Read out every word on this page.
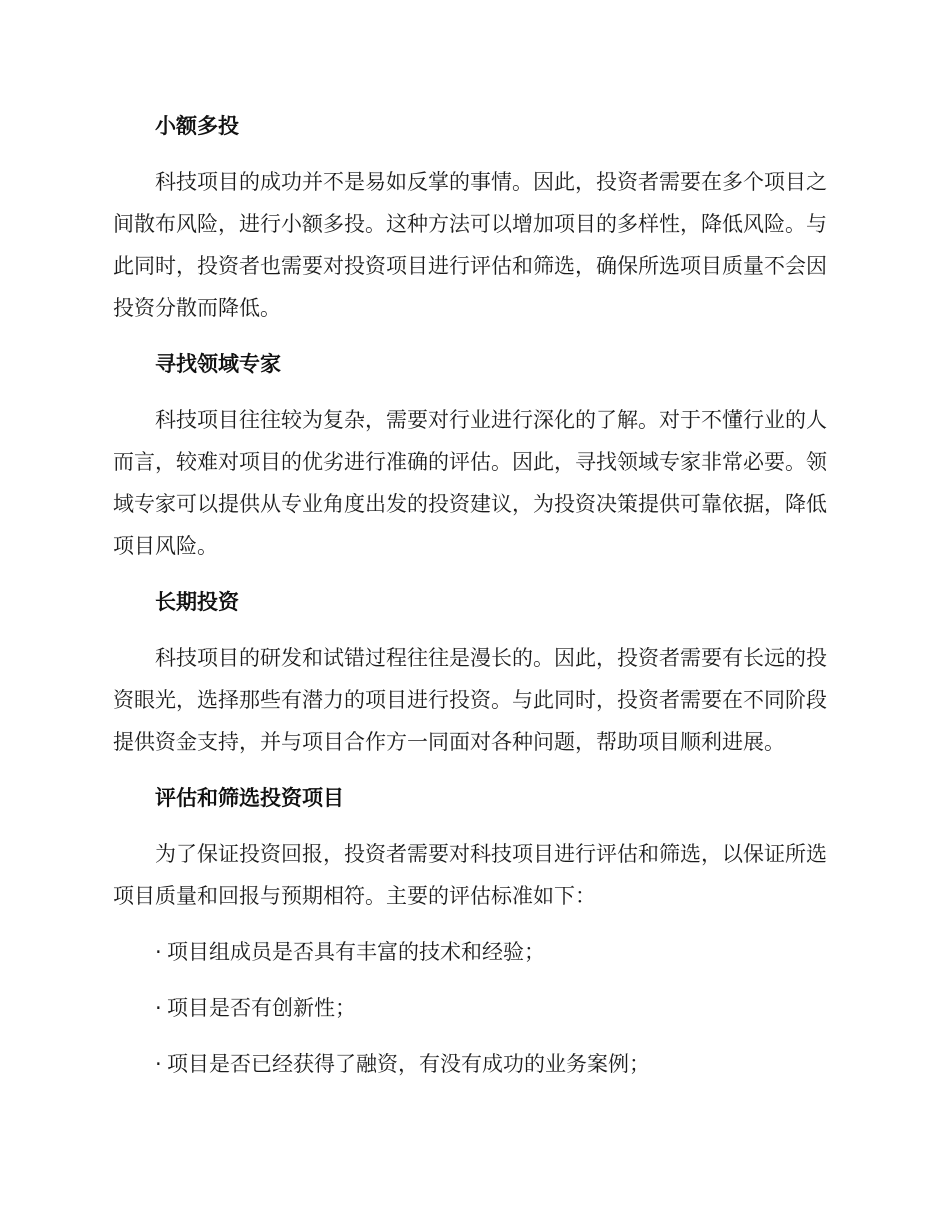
小额多投
科技项目的成功并不是易如反掌的事情。因此，投资者需要在多个项目之间散布风险，进行小额多投。这种方法可以增加项目的多样性，降低风险。与此同时，投资者也需要对投资项目进行评估和筛选，确保所选项目质量不会因投资分散而降低。
寻找领域专家
科技项目往往较为复杂，需要对行业进行深化的了解。对于不懂行业的人而言，较难对项目的优劣进行准确的评估。因此，寻找领域专家非常必要。领域专家可以提供从专业角度出发的投资建议，为投资决策提供可靠依据，降低项目风险。
长期投资
科技项目的研发和试错过程往往是漫长的。因此，投资者需要有长远的投资眼光，选择那些有潜力的项目进行投资。与此同时，投资者需要在不同阶段提供资金支持，并与项目合作方一同面对各种问题，帮助项目顺利进展。
评估和筛选投资项目
为了保证投资回报，投资者需要对科技项目进行评估和筛选，以保证所选项目质量和回报与预期相符。主要的评估标准如下：
· 项目组成员是否具有丰富的技术和经验；
· 项目是否有创新性；
· 项目是否已经获得了融资，有没有成功的业务案例；
